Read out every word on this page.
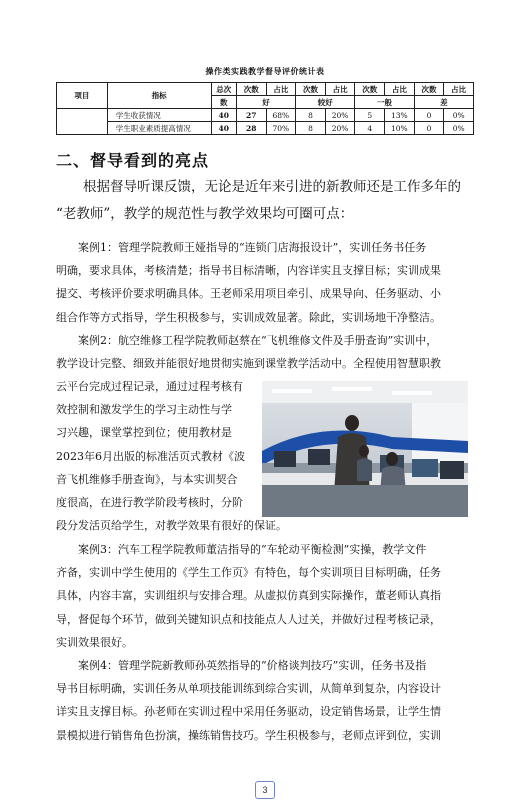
操作类实践教学督导评价统计表
项目	指标	总次	次数	占比	次数	占比	次数	占比	次数	占比
		数	好		较好		一般		差	
	学生收获情况	40	27	68%	8	20%	5	13%	0	0%
	学生职业素质提高情况	40	28	70%	8	20%	4	10%	0	0%
二、督导看到的亮点
根据督导听课反馈，无论是近年来引进的新教师还是工作多年的
“老教师”，教学的规范性与教学效果均可圈可点：
案例1：管理学院教师王娅指导的“连锁门店海报设计”，实训任务书任务
明确，要求具体，考核清楚；指导书目标清晰，内容详实且支撑目标；实训成果
提交、考核评价要求明确具体。王老师采用项目牵引、成果导向、任务驱动、小
组合作等方式指导，学生积极参与，实训成效显著。除此，实训场地干净整洁。
案例2：航空维修工程学院教师赵蔡在“飞机维修文件及手册查询”实训中，
教学设计完整、细致并能很好地贯彻实施到课堂教学活动中。全程使用智慧职教
云平台完成过程记录，通过过程考核有
效控制和激发学生的学习主动性与学
习兴趣，课堂掌控到位；使用教材是
2023年6月出版的标准活页式教材《波
音飞机维修手册查询》，与本实训契合
度很高，在进行教学阶段考核时，分阶
段分发活页给学生，对教学效果有很好的保证。
案例3：汽车工程学院教师董洁指导的“车轮动平衡检测”实操，教学文件
齐备，实训中学生使用的《学生工作页》有特色，每个实训项目目标明确，任务
具体，内容丰富，实训组织与安排合理。从虚拟仿真到实际操作，董老师认真指
导，督促每个环节，做到关键知识点和技能点人人过关，并做好过程考核记录，
实训效果很好。
案例4：管理学院新教师孙英然指导的“价格谈判技巧”实训，任务书及指
导书目标明确，实训任务从单项技能训练到综合实训，从简单到复杂，内容设计
详实且支撑目标。孙老师在实训过程中采用任务驱动，设定销售场景，让学生情
景模拟进行销售角色扮演，操练销售技巧。学生积极参与，老师点评到位，实训
3
